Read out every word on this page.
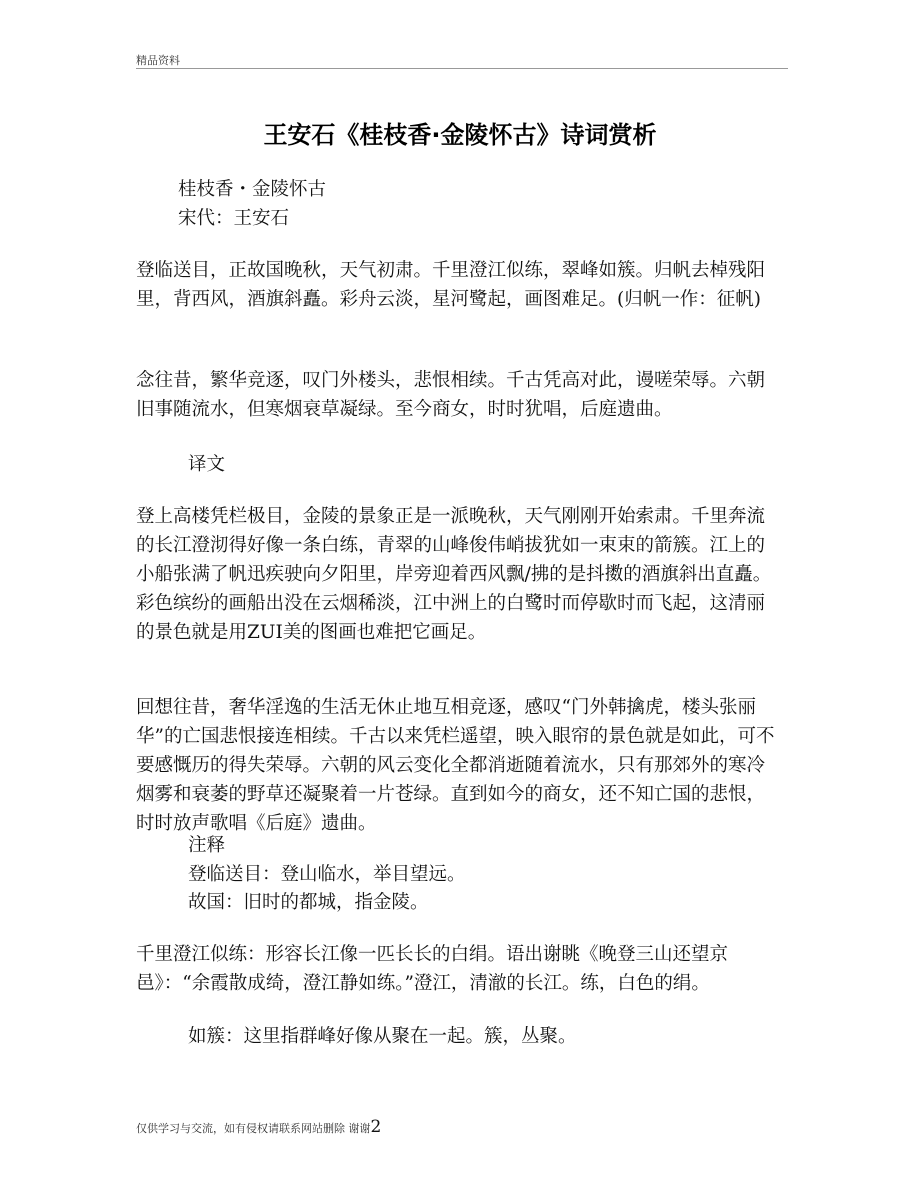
精品资料
王安石《桂枝香·金陵怀古》诗词赏析

桂枝香・金陵怀古

宋代：王安石

登临送目，正故国晚秋，天气初肃。千里澄江似练，翠峰如簇。归帆去棹残阳里，背西风，酒旗斜矗。彩舟云淡，星河鹭起，画图难足。(归帆一作：征帆)

念往昔，繁华竞逐，叹门外楼头，悲恨相续。千古凭高对此，谩嗟荣辱。六朝旧事随流水，但寒烟衰草凝绿。至今商女，时时犹唱，后庭遗曲。

译文

登上高楼凭栏极目，金陵的景象正是一派晚秋，天气刚刚开始索肃。千里奔流的长江澄沏得好像一条白练，青翠的山峰俊伟峭拔犹如一束束的箭簇。江上的小船张满了帆迅疾驶向夕阳里，岸旁迎着西风飘/拂的是抖擞的酒旗斜出直矗。彩色缤纷的画船出没在云烟稀淡，江中洲上的白鹭时而停歇时而飞起，这清丽的景色就是用ZUI美的图画也难把它画足。

回想往昔，奢华淫逸的生活无休止地互相竞逐，感叹“门外韩擒虎，楼头张丽华”的亡国悲恨接连相续。千古以来凭栏遥望，映入眼帘的景色就是如此，可不要感慨历的得失荣辱。六朝的风云变化全都消逝随着流水，只有那郊外的寒冷烟雾和衰萎的野草还凝聚着一片苍绿。直到如今的商女，还不知亡国的悲恨，时时放声歌唱《后庭》遗曲。

注释

登临送目：登山临水，举目望远。

故国：旧时的都城，指金陵。

千里澄江似练：形容长江像一匹长长的白绢。语出谢眺《晚登三山还望京邑》：“余霞散成绮，澄江静如练。”澄江，清澈的长江。练，白色的绢。

如簇：这里指群峰好像从聚在一起。簇，丛聚。

仅供学习与交流，如有侵权请联系网站删除 谢谢2
